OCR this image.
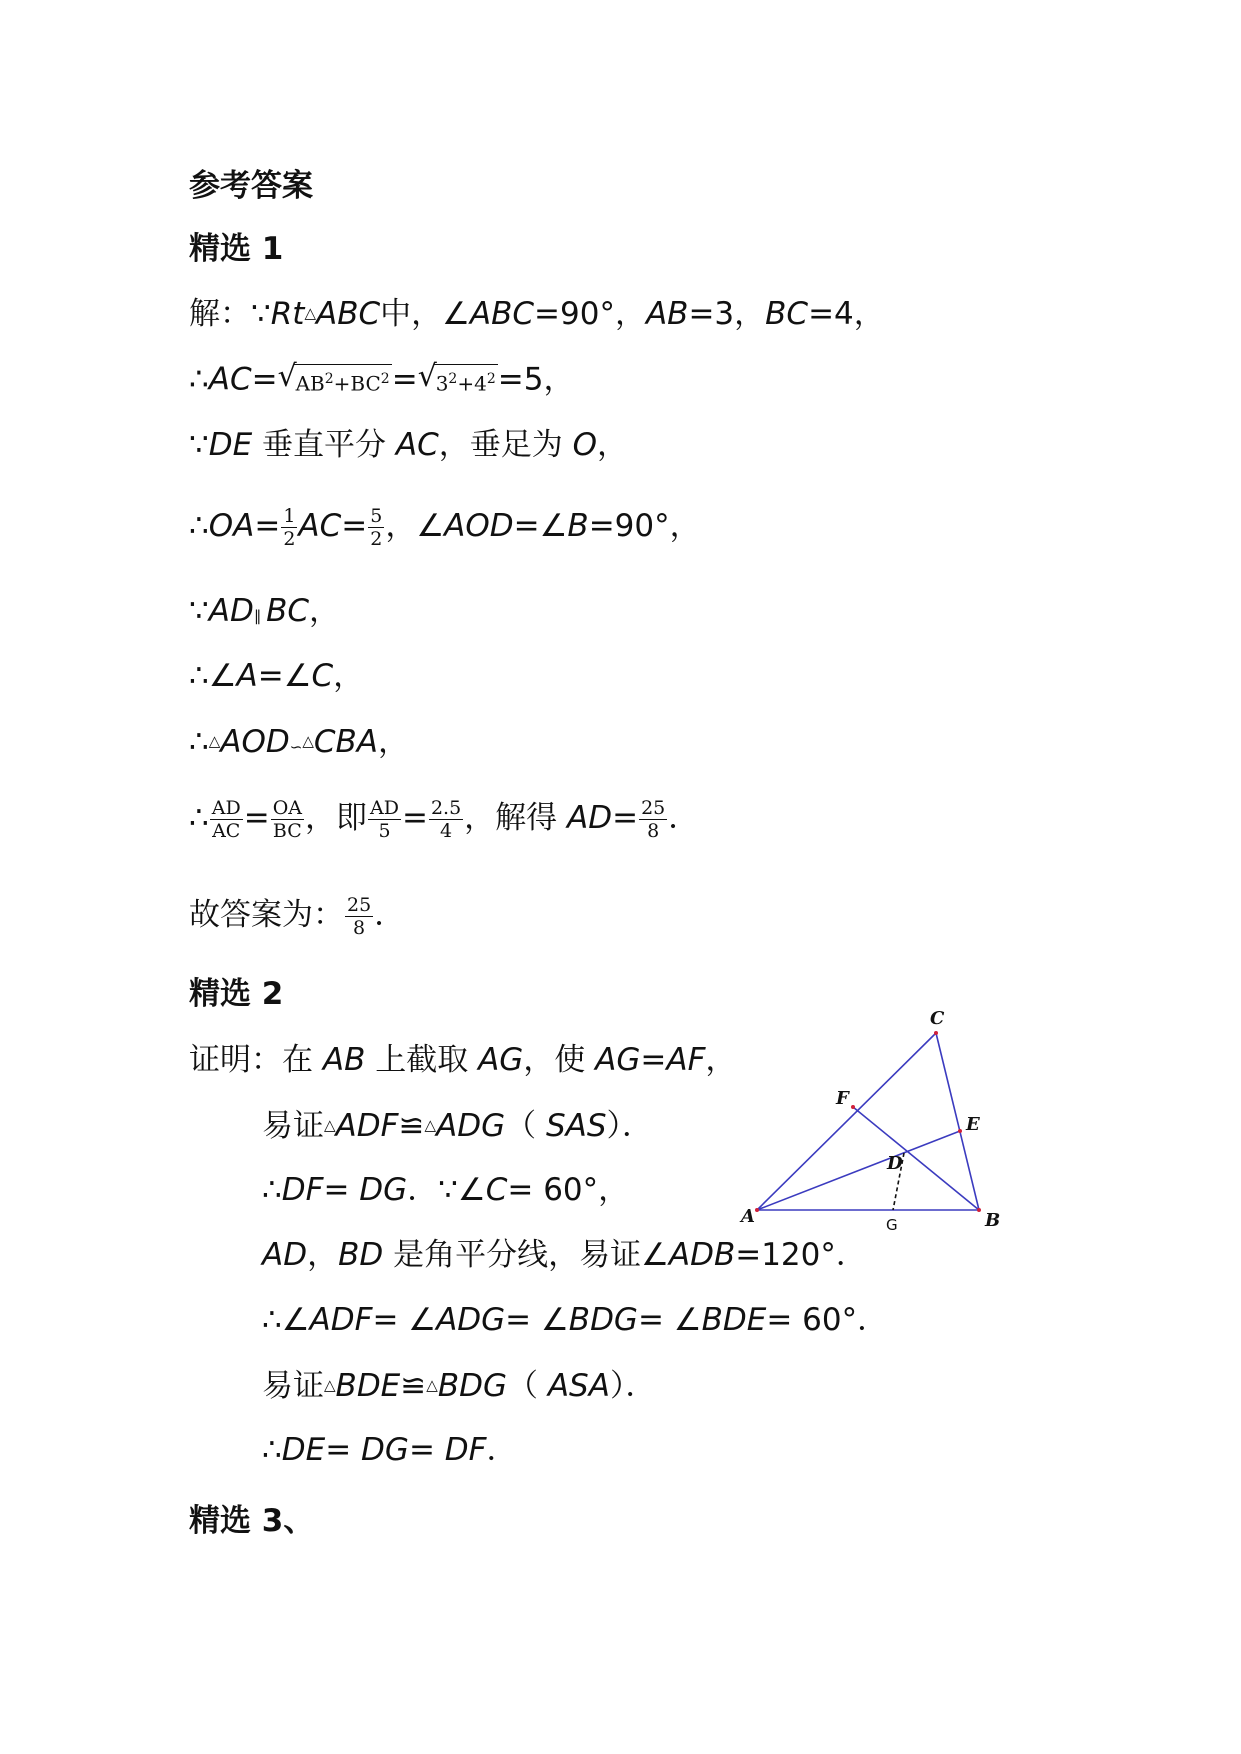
参考答案
精选 1
解：∵Rt△ABC中，∠ABC=90°，AB=3，BC=4，
∴AC= √
$AB^2+BC^2=$ √
$3^2+4^2=5$，
∵DE 垂直平分 AC，垂足为 O，
∴OA= $\frac{1}{2} AC= \frac{5}{2}$ ，∠AOD=∠B=90°，
∵AD∥ BC，
∴∠A=∠C，
∴△AOD∽△CBA，
∴ $\frac{AD}{AC} = \frac{OA}{BC}$ ，即 $\frac{AD}{5} = \frac{2.5}{4}$ ，解得 $AD= \frac{25}{8}$ ．
故答案为： $\frac{25}{8}$ ．
精选 2
证明：在 AB 上截取 AG，使 AG=AF，
易证△ADF≌△ADG（ SAS）．
∴DF= DG．∵∠C= 60°，
AD，BD 是角平分线，易证∠ADB=120°．
∴∠ADF= ∠ADG= ∠BDG= ∠BDE= 60°．
易证△BDE≌△BDG（ ASA）．
∴DE= DG= DF．
精选 3、
C
F
E
D
A	G	B
